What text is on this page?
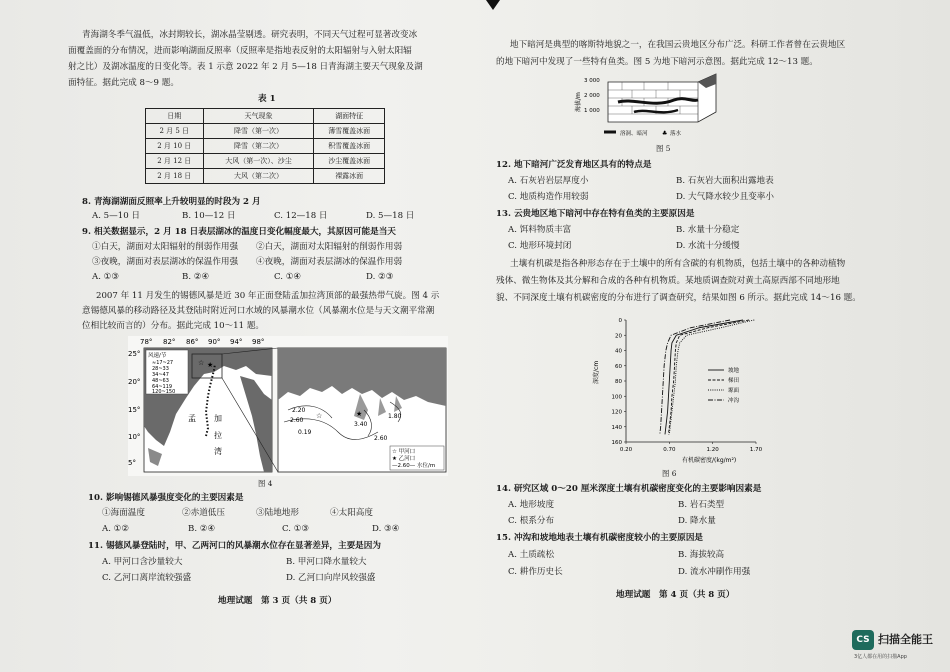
青海湖冬季气温低，冰封期较长，湖冰晶莹剔透。研究表明，不同天气过程可显著改变冰
面覆盖面的分布情况，进而影响湖面反照率（反照率是指地表反射的太阳辐射与入射太阳辐
射之比）及湖冰温度的日变化等。表 1 示意 2022 年 2 月 5—18 日青海湖主要天气现象及湖
面特征。据此完成 8～9 题。
表 1
日期	天气现象	湖面特征
2 月 5 日	降雪（第一次）	薄雪覆盖冰面
2 月 10 日	降雪（第二次）	积雪覆盖冰面
2 月 12 日	大风（第一次）、沙尘	沙尘覆盖冰面
2 月 18 日	大风（第二次）	裸露冰面
8. 青海湖湖面反照率上升较明显的时段为 2 月
A. 5—10 日	B. 10—12 日	C. 12—18 日	D. 5—18 日
9. 相关数据显示，2 月 18 日表层湖冰的温度日变化幅度最大，其原因可能是当天
①白天，湖面对太阳辐射的削弱作用强 ②白天，湖面对太阳辐射的削弱作用弱
③夜晚，湖面对表层湖冰的保温作用强 ④夜晚，湖面对表层湖冰的保温作用弱
A. ①③	B. ②④	C. ①④	D. ②③
2007 年 11 月发生的锡德风暴是近 30 年正面登陆孟加拉湾顶部的最强热带气旋。图 4 示
意锡德风暴的移动路径及其登陆时附近河口水域的风暴潮水位（风暴潮水位是与天文潮平常潮
位相比较而言的）分布。据此完成 10～11 题。
78° 82° 86° 90° 94° 98°
25°
20°
15°
10°
5°
风速/节
≈17~27
28~33
34~47
48~63
64~119
120~150
☆ ★
孟 加
拉
湾
2.60
3.40
1.80
2.20
0.19
2.60
☆	★
☆ 甲河口
★ 乙河口
—2.60— 水位/m
图 4
10. 影响锡德风暴强度变化的主要因素是
①海面温度	②赤道低压	③陆地地形	④太阳高度
A. ①②	B. ②④	C. ①③	D. ③④
11. 锡德风暴登陆时，甲、乙两河口的风暴潮水位存在显著差异，主要是因为
A. 甲河口含沙量较大	B. 甲河口降水量较大
C. 乙河口离岸流较强盛	D. 乙河口向岸风较强盛
地理试题　第 3 页（共 8 页）
地下暗河是典型的喀斯特地貌之一，在我国云贵地区分布广泛。科研工作者曾在云贵地区
的地下暗河中发现了一些特有鱼类。图 5 为地下暗河示意图。据此完成 12～13 题。
海拔/m
3 000
2 000
1 000
溶洞、暗河 ♣ 落水
图 5
12. 地下暗河广泛发育地区具有的特点是
A. 石灰岩岩层厚度小	B. 石灰岩大面积出露地表
C. 地质构造作用较弱	D. 大气降水较少且变率小
13. 云贵地区地下暗河中存在特有鱼类的主要原因是
A. 饵料物质丰富	B. 水量十分稳定
C. 地形环境封闭	D. 水流十分缓慢
土壤有机碳是指各种形态存在于土壤中的所有含碳的有机物质，包括土壤中的各种动植物
残体、微生物体及其分解和合成的各种有机物质。某地质调查院对黄土高原西部不同地形地
貌、不同深度土壤有机碳密度的分布进行了调查研究，结果如图 6 所示。据此完成 14～16 题。
0
20
40
60
80
100
120
140
160
0.20	0.70	1.20	1.70
坡地
梯田
塬面
冲沟
深度/cm
有机碳密度/(kg/m²)
图 6
14. 研究区域 0～20 厘米深度土壤有机碳密度变化的主要影响因素是
A. 地形坡度	B. 岩石类型
C. 根系分布	D. 降水量
15. 冲沟和坡地地表土壤有机碳密度较小的主要原因是
A. 土质疏松	B. 海拔较高
C. 耕作历史长	D. 流水冲刷作用强
地理试题　第 4 页（共 8 页）
CS 扫描全能王
3亿人都在用的扫描App
